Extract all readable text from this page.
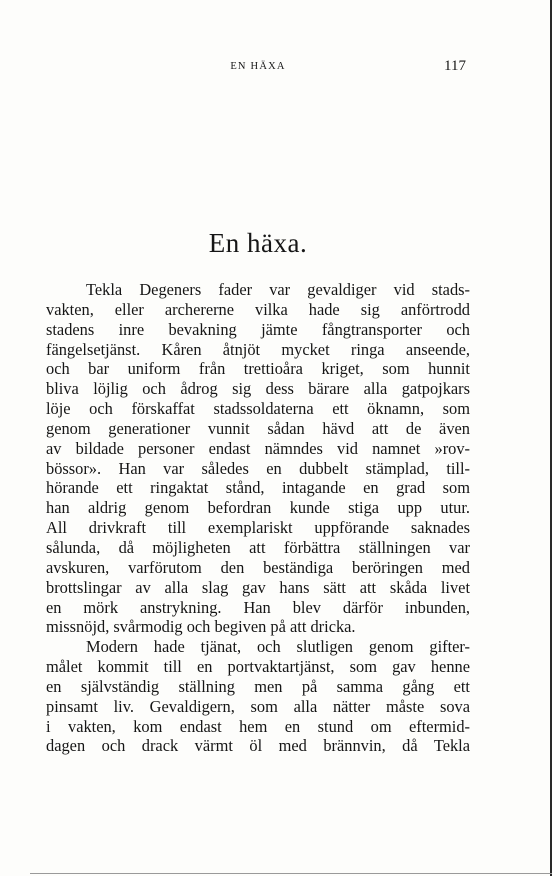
EN HÄXA	117
En häxa.
Tekla Degeners fader var gevaldiger vid stads-
vakten, eller archererne vilka hade sig anförtrodd
stadens inre bevakning jämte fångtransporter och
fängelsetjänst. Kåren åtnjöt mycket ringa anseende,
och bar uniform från trettioåra kriget, som hunnit
bliva löjlig och ådrog sig dess bärare alla gatpojkars
löje och förskaffat stadssoldaterna ett öknamn, som
genom generationer vunnit sådan hävd att de även
av bildade personer endast nämndes vid namnet »rov-
bössor». Han var således en dubbelt stämplad, till-
hörande ett ringaktat stånd, intagande en grad som
han aldrig genom befordran kunde stiga upp utur.
All drivkraft till exemplariskt uppförande saknades
sålunda, då möjligheten att förbättra ställningen var
avskuren, varförutom den beständiga beröringen med
brottslingar av alla slag gav hans sätt att skåda livet
en mörk anstrykning. Han blev därför inbunden,
missnöjd, svårmodig och begiven på att dricka.
Modern hade tjänat, och slutligen genom gifter-
målet kommit till en portvaktartjänst, som gav henne
en självständig ställning men på samma gång ett
pinsamt liv. Gevaldigern, som alla nätter måste sova
i vakten, kom endast hem en stund om eftermid-
dagen och drack värmt öl med brännvin, då Tekla
